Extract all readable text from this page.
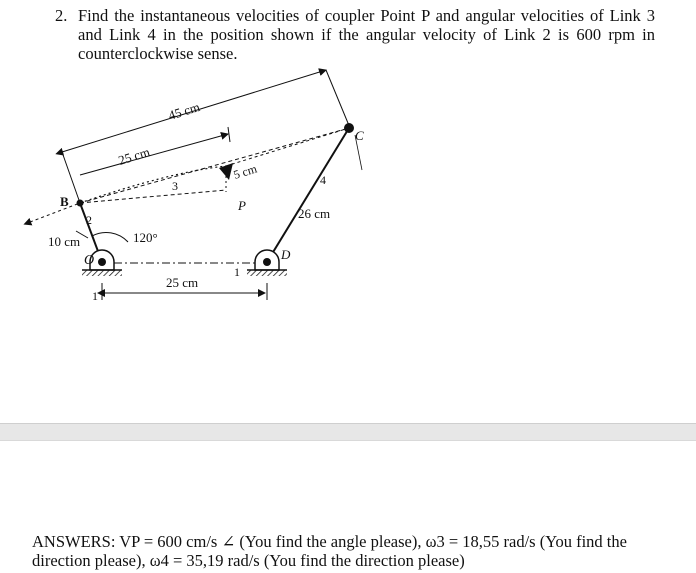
2. Find the instantaneous velocities of coupler Point P and angular velocities of Link 3 and Link 4 in the position shown if the angular velocity of Link 2 is 600 rpm in counterclockwise sense.
45 cm
25 cm
5 cm
25 cm
10 cm	120°
B
C
P
O	D
2
3	4
26 cm
1
1
ANSWERS: VP = 600 cm/s ∠ (You find the angle please), ω3 = 18,55 rad/s (You find the direction please), ω4 = 35,19 rad/s (You find the direction please)
